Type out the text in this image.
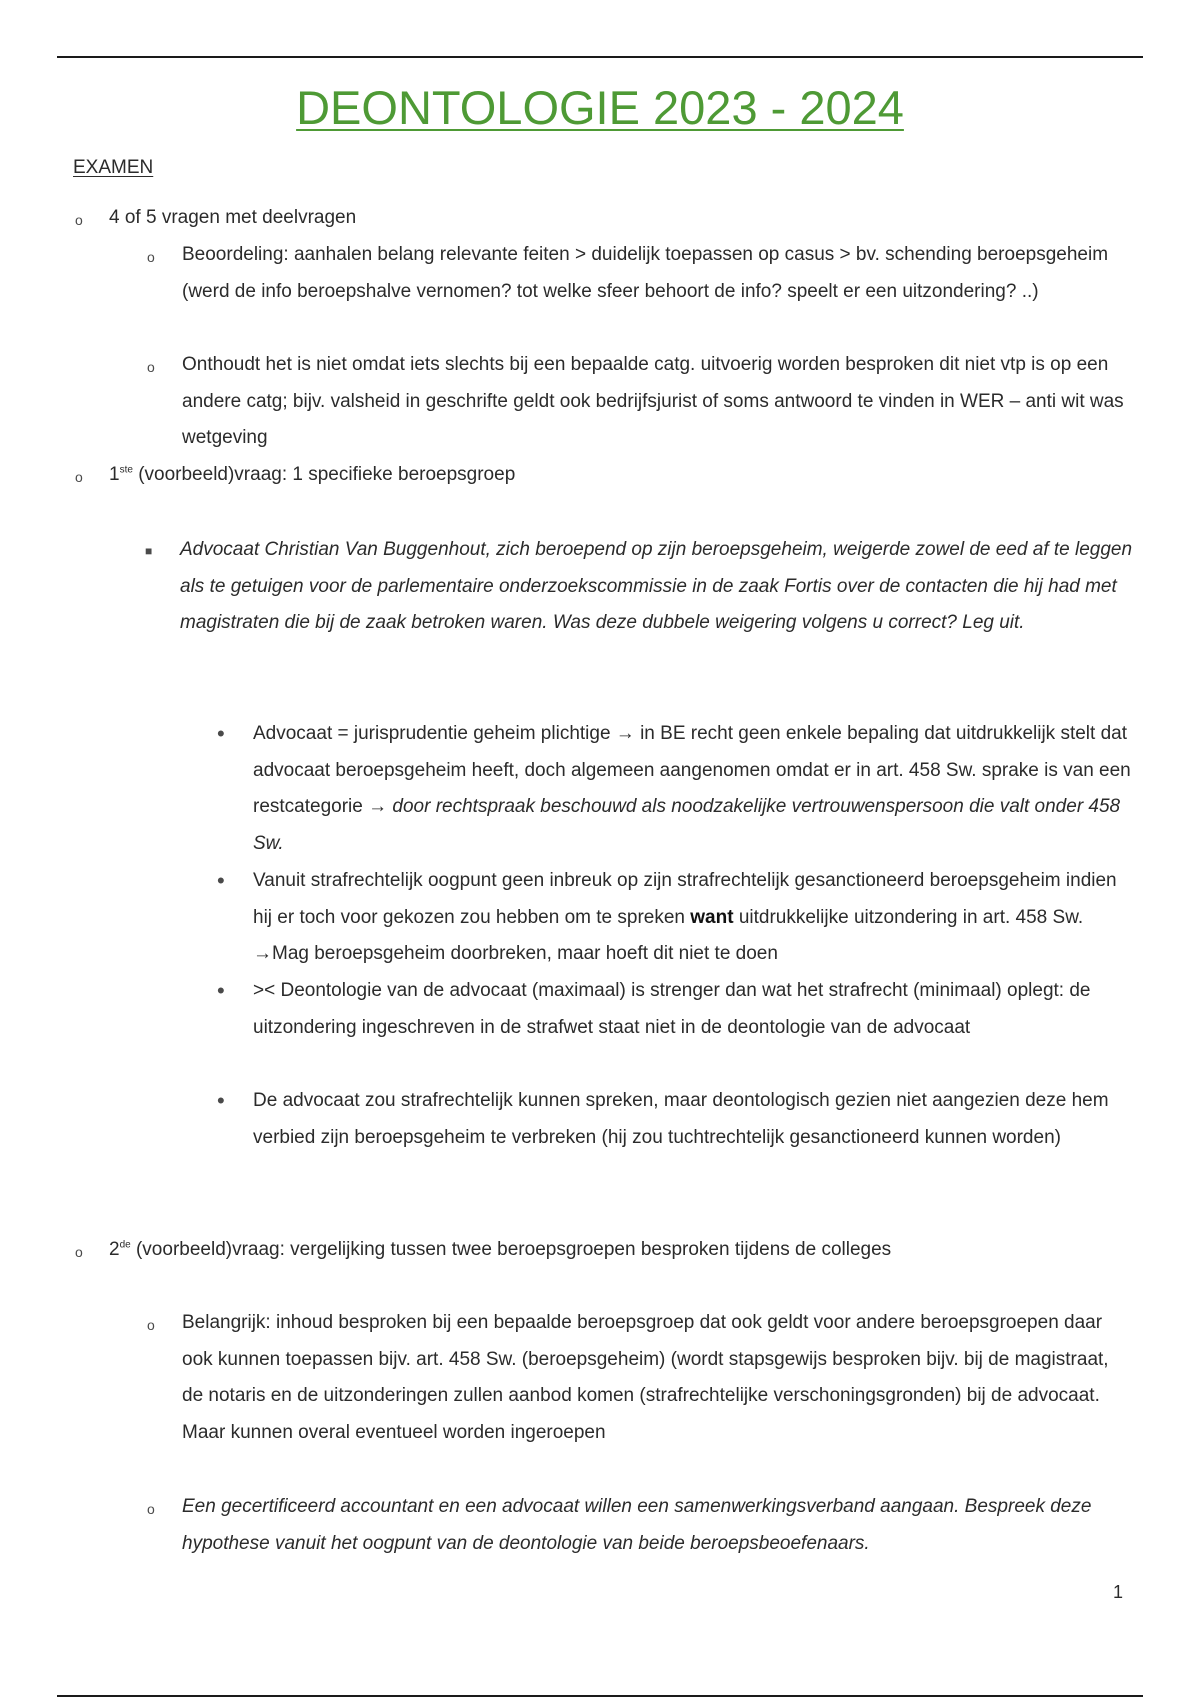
DEONTOLOGIE 2023 - 2024
EXAMEN
o 4 of 5 vragen met deelvragen
o Beoordeling: aanhalen belang relevante feiten > duidelijk toepassen op casus > bv. schending beroepsgeheim (werd de info beroepshalve vernomen? tot welke sfeer behoort de info? speelt er een uitzondering? ..)
o Onthoudt het is niet omdat iets slechts bij een bepaalde catg. uitvoerig worden besproken dit niet vtp is op een andere catg; bijv. valsheid in geschrifte geldt ook bedrijfsjurist of soms antwoord te vinden in WER – anti wit was wetgeving
o 1ste (voorbeeld)vraag: 1 specifieke beroepsgroep
■ Advocaat Christian Van Buggenhout, zich beroepend op zijn beroepsgeheim, weigerde zowel de eed af te leggen als te getuigen voor de parlementaire onderzoekscommissie in de zaak Fortis over de contacten die hij had met magistraten die bij de zaak betroken waren. Was deze dubbele weigering volgens u correct? Leg uit.
• Advocaat = jurisprudentie geheim plichtige → in BE recht geen enkele bepaling dat uitdrukkelijk stelt dat advocaat beroepsgeheim heeft, doch algemeen aangenomen omdat er in art. 458 Sw. sprake is van een restcategorie → door rechtspraak beschouwd als noodzakelijke vertrouwenspersoon die valt onder 458 Sw.
• Vanuit strafrechtelijk oogpunt geen inbreuk op zijn strafrechtelijk gesanctioneerd beroepsgeheim indien hij er toch voor gekozen zou hebben om te spreken want uitdrukkelijke uitzondering in art. 458 Sw. →Mag beroepsgeheim doorbreken, maar hoeft dit niet te doen
• >< Deontologie van de advocaat (maximaal) is strenger dan wat het strafrecht (minimaal) oplegt: de uitzondering ingeschreven in de strafwet staat niet in de deontologie van de advocaat
• De advocaat zou strafrechtelijk kunnen spreken, maar deontologisch gezien niet aangezien deze hem verbied zijn beroepsgeheim te verbreken (hij zou tuchtrechtelijk gesanctioneerd kunnen worden)
o 2de (voorbeeld)vraag: vergelijking tussen twee beroepsgroepen besproken tijdens de colleges
o Belangrijk: inhoud besproken bij een bepaalde beroepsgroep dat ook geldt voor andere beroepsgroepen daar ook kunnen toepassen bijv. art. 458 Sw. (beroepsgeheim) (wordt stapsgewijs besproken bijv. bij de magistraat, de notaris en de uitzonderingen zullen aanbod komen (strafrechtelijke verschoningsgronden) bij de advocaat. Maar kunnen overal eventueel worden ingeroepen
o Een gecertificeerd accountant en een advocaat willen een samenwerkingsverband aangaan. Bespreek deze hypothese vanuit het oogpunt van de deontologie van beide beroepsbeoefenaars.
1
